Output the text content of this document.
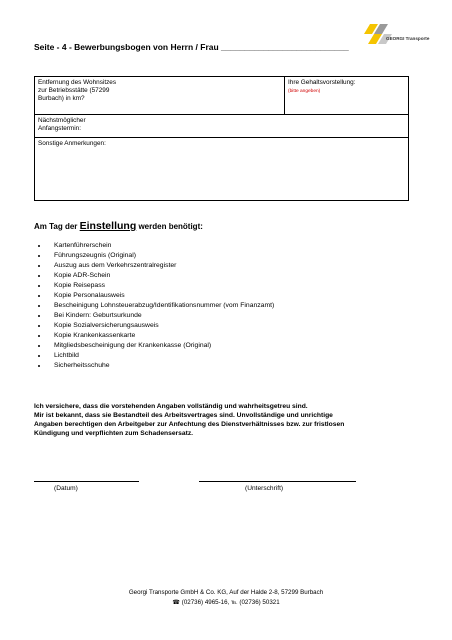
Seite - 4 - Bewerbungsbogen von Herrn / Frau ___________________________
GEORGI Transporte
Entfernung des Wohnsitzes
zur Betriebsstätte (57299
Burbach) in km?	Ihre Gehaltsvorstellung:
(bitte angeben)

Nächstmöglicher
Anfangstermin:
Sonstige Anmerkungen:
Am Tag der Einstellung werden benötigt:
• Kartenführerschein
• Führungszeugnis (Original)
• Auszug aus dem Verkehrszentralregister
• Kopie ADR-Schein
• Kopie Reisepass
• Kopie Personalausweis
• Bescheinigung Lohnsteuerabzug/Identifikationsnummer (vom Finanzamt)
• Bei Kindern: Geburtsurkunde
• Kopie Sozialversicherungsausweis
• Kopie Krankenkassenkarte
• Mitgliedsbescheinigung der Krankenkasse (Original)
• Lichtbild
• Sicherheitsschuhe

Ich versichere, dass die vorstehenden Angaben vollständig und wahrheitsgetreu sind.
Mir ist bekannt, dass sie Bestandteil des Arbeitsvertrages sind. Unvollständige und unrichtige
Angaben berechtigen den Arbeitgeber zur Anfechtung des Dienstverhältnisses bzw. zur fristlosen
Kündigung und verpflichten zum Schadensersatz.

(Datum)	(Unterschrift)
Georgi Transporte GmbH & Co. KG, Auf der Halde 2-8, 57299 Burbach
☎ (02736) 4965-16, ℡ (02736) 50321
